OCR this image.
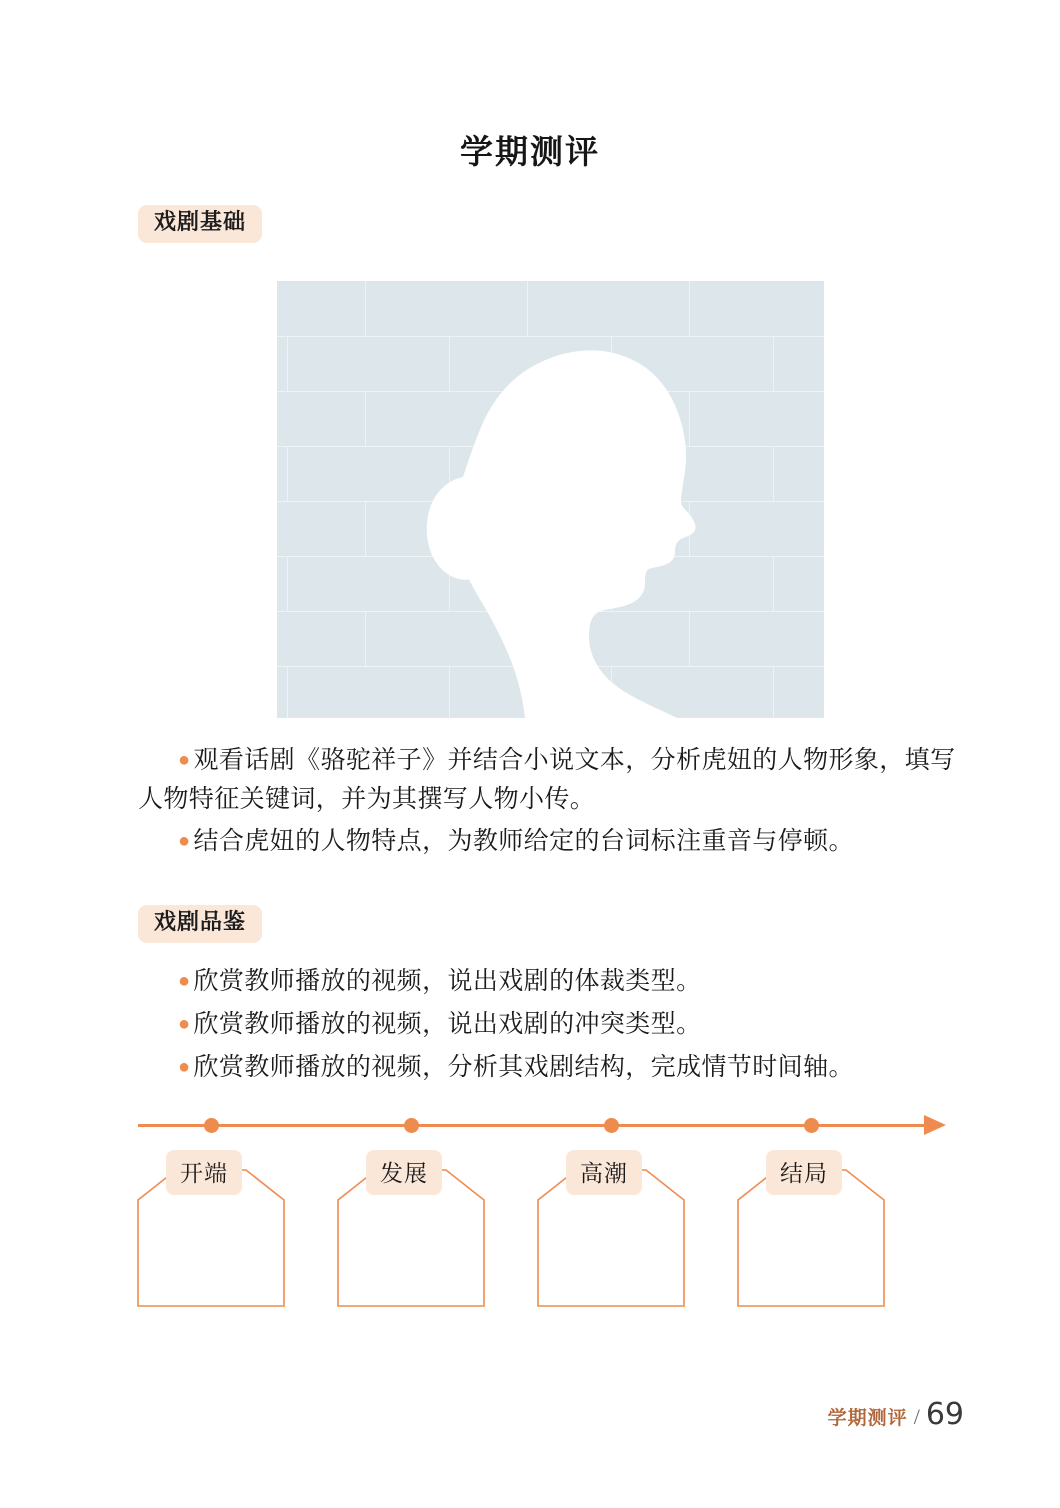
学期测评
戏剧基础
● 观看话剧《骆驼祥子》并结合小说文本，分析虎妞的人物形象，填写人物特征关键词，并为其撰写人物小传。
● 结合虎妞的人物特点，为教师给定的台词标注重音与停顿。
戏剧品鉴
● 欣赏教师播放的视频，说出戏剧的体裁类型。
● 欣赏教师播放的视频，说出戏剧的冲突类型。
● 欣赏教师播放的视频，分析其戏剧结构，完成情节时间轴。
开端	发展	高潮	结局
学期测评 / 69
